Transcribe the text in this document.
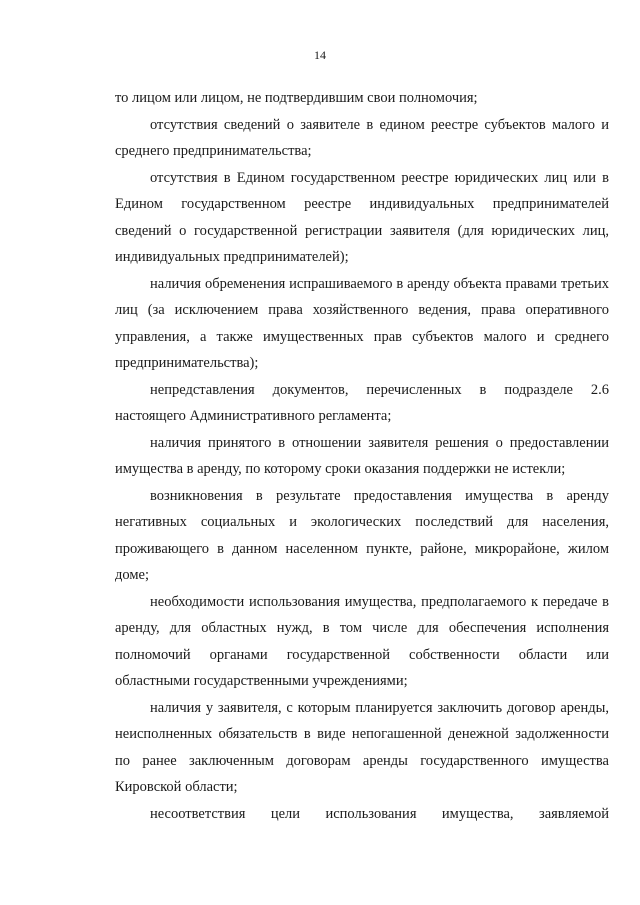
14

то лицом или лицом, не подтвердившим свои полномочия;

отсутствия сведений о заявителе в едином реестре субъектов малого и среднего предпринимательства;

отсутствия в Едином государственном реестре юридических лиц или в Едином государственном реестре индивидуальных предпринимателей сведений о государственной регистрации заявителя (для юридических лиц, индивидуальных предпринимателей);

наличия обременения испрашиваемого в аренду объекта правами третьих лиц (за исключением права хозяйственного ведения, права оперативного управления, а также имущественных прав субъектов малого и среднего предпринимательства);

непредставления документов, перечисленных в подразделе 2.6 настоящего Административного регламента;

наличия принятого в отношении заявителя решения о предоставлении имущества в аренду, по которому сроки оказания поддержки не истекли;

возникновения в результате предоставления имущества в аренду негативных социальных и экологических последствий для населения, проживающего в данном населенном пункте, районе, микрорайоне, жилом доме;

необходимости использования имущества, предполагаемого к передаче в аренду, для областных нужд, в том числе для обеспечения исполнения полномочий органами государственной собственности области или областными государственными учреждениями;

наличия у заявителя, с которым планируется заключить договор аренды, неисполненных обязательств в виде непогашенной денежной задолженности по ранее заключенным договорам аренды государственного имущества Кировской области;

несоответствия цели использования имущества, заявляемой
